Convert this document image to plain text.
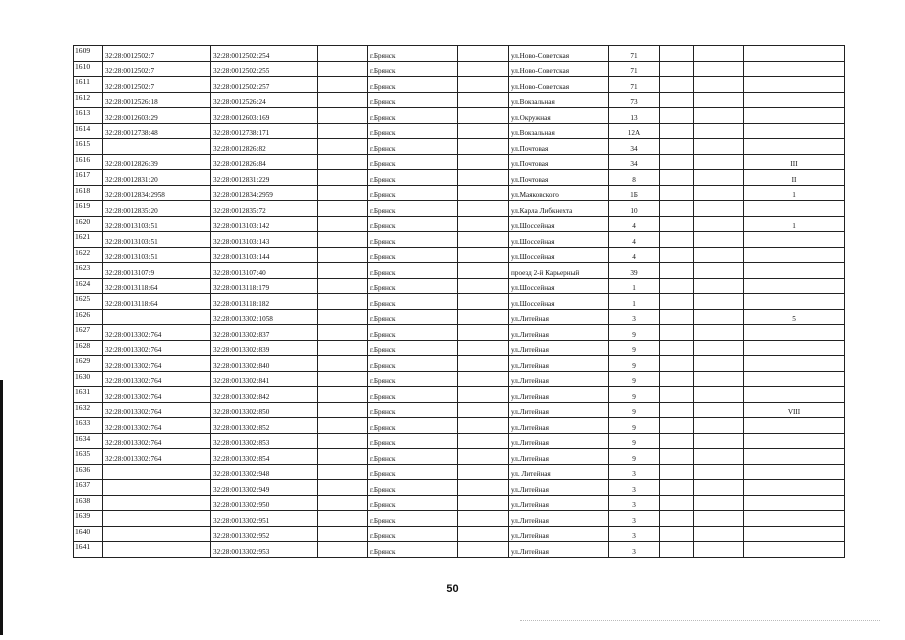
1609	32:28:0012502:7	32:28:0012502:254		г.Брянск		ул.Ново-Советская	71			
1610	32:28:0012502:7	32:28:0012502:255		г.Брянск		ул.Ново-Советская	71			
1611	32:28:0012502:7	32:28:0012502:257		г.Брянск		ул.Ново-Советская	71			
1612	32:28:0012526:18	32:28:0012526:24		г.Брянск		ул.Вокзальная	73			
1613	32:28:0012603:29	32:28:0012603:169		г.Брянск		ул.Окружная	13			
1614	32:28:0012738:48	32:28:0012738:171		г.Брянск		ул.Вокзальная	12А			
1615		32:28:0012826:82		г.Брянск		ул.Почтовая	34			
1616	32:28:0012826:39	32:28:0012826:84		г.Брянск		ул.Почтовая	34			III
1617	32:28:0012831:20	32:28:0012831:229		г.Брянск		ул.Почтовая	8			II
1618	32:28:0012834:2958	32:28:0012834:2959		г.Брянск		ул.Маяковского	1Б			1
1619	32:28:0012835:20	32:28:0012835:72		г.Брянск		ул.Карла Либкнехта	10			
1620	32:28:0013103:51	32:28:0013103:142		г.Брянск		ул.Шоссейная	4			1
1621	32:28:0013103:51	32:28:0013103:143		г.Брянск		ул.Шоссейная	4			
1622	32:28:0013103:51	32:28:0013103:144		г.Брянск		ул.Шоссейная	4			
1623	32:28:0013107:9	32:28:0013107:40		г.Брянск		проезд 2-й Карьерный	39			
1624	32:28:0013118:64	32:28:0013118:179		г.Брянск		ул.Шоссейная	1			
1625	32:28:0013118:64	32:28:0013118:182		г.Брянск		ул.Шоссейная	1			
1626		32:28:0013302:1058		г.Брянск		ул.Литейная	3			5
1627	32:28:0013302:764	32:28:0013302:837		г.Брянск		ул.Литейная	9			
1628	32:28:0013302:764	32:28:0013302:839		г.Брянск		ул.Литейная	9			
1629	32:28:0013302:764	32:28:0013302:840		г.Брянск		ул.Литейная	9			
1630	32:28:0013302:764	32:28:0013302:841		г.Брянск		ул.Литейная	9			
1631	32:28:0013302:764	32:28:0013302:842		г.Брянск		ул.Литейная	9			
1632	32:28:0013302:764	32:28:0013302:850		г.Брянск		ул.Литейная	9			VIII
1633	32:28:0013302:764	32:28:0013302:852		г.Брянск		ул.Литейная	9			
1634	32:28:0013302:764	32:28:0013302:853		г.Брянск		ул.Литейная	9			
1635	32:28:0013302:764	32:28:0013302:854		г.Брянск		ул.Литейная	9			
1636		32:28:0013302:948		г.Брянск		ул. Литейная	3			
1637		32:28:0013302:949		г.Брянск		ул.Литейная	3			
1638		32:28:0013302:950		г.Брянск		ул.Литейная	3			
1639		32:28:0013302:951		г.Брянск		ул.Литейная	3			
1640		32:28:0013302:952		г.Брянск		ул.Литейная	3			
1641		32:28:0013302:953		г.Брянск		ул.Литейная	3			
50
